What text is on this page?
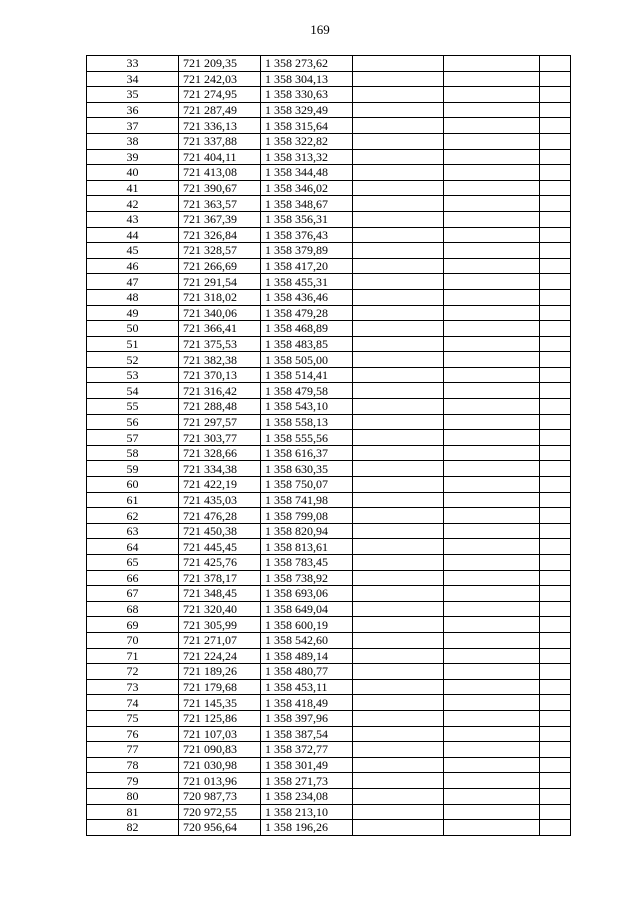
169
33	721 209,35	1 358 273,62			
34	721 242,03	1 358 304,13			
35	721 274,95	1 358 330,63			
36	721 287,49	1 358 329,49			
37	721 336,13	1 358 315,64			
38	721 337,88	1 358 322,82			
39	721 404,11	1 358 313,32			
40	721 413,08	1 358 344,48			
41	721 390,67	1 358 346,02			
42	721 363,57	1 358 348,67			
43	721 367,39	1 358 356,31			
44	721 326,84	1 358 376,43			
45	721 328,57	1 358 379,89			
46	721 266,69	1 358 417,20			
47	721 291,54	1 358 455,31			
48	721 318,02	1 358 436,46			
49	721 340,06	1 358 479,28			
50	721 366,41	1 358 468,89			
51	721 375,53	1 358 483,85			
52	721 382,38	1 358 505,00			
53	721 370,13	1 358 514,41			
54	721 316,42	1 358 479,58			
55	721 288,48	1 358 543,10			
56	721 297,57	1 358 558,13			
57	721 303,77	1 358 555,56			
58	721 328,66	1 358 616,37			
59	721 334,38	1 358 630,35			
60	721 422,19	1 358 750,07			
61	721 435,03	1 358 741,98			
62	721 476,28	1 358 799,08			
63	721 450,38	1 358 820,94			
64	721 445,45	1 358 813,61			
65	721 425,76	1 358 783,45			
66	721 378,17	1 358 738,92			
67	721 348,45	1 358 693,06			
68	721 320,40	1 358 649,04			
69	721 305,99	1 358 600,19			
70	721 271,07	1 358 542,60			
71	721 224,24	1 358 489,14			
72	721 189,26	1 358 480,77			
73	721 179,68	1 358 453,11			
74	721 145,35	1 358 418,49			
75	721 125,86	1 358 397,96			
76	721 107,03	1 358 387,54			
77	721 090,83	1 358 372,77			
78	721 030,98	1 358 301,49			
79	721 013,96	1 358 271,73			
80	720 987,73	1 358 234,08			
81	720 972,55	1 358 213,10			
82	720 956,64	1 358 196,26			
